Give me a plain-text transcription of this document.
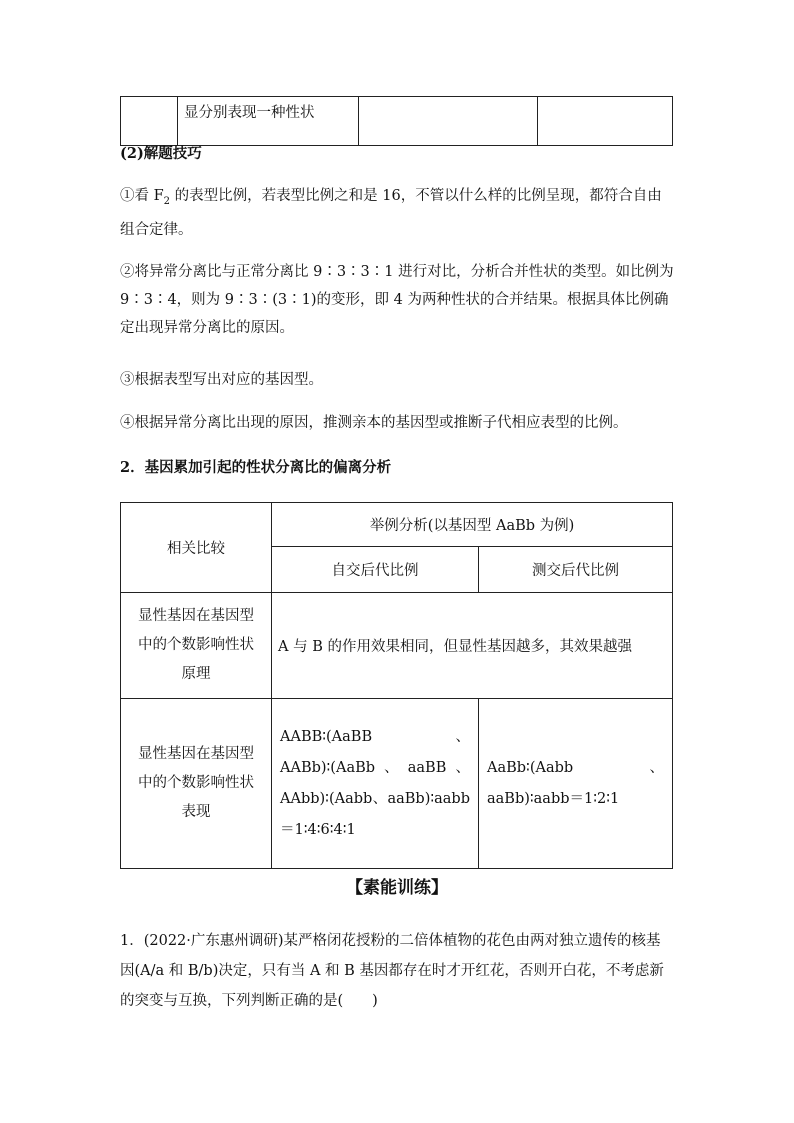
	显分别表现一种性状		
(2)解题技巧
①看 $F_2$ 的表型比例，若表型比例之和是 16，不管以什么样的比例呈现，都符合自由组合定律。
②将异常分离比与正常分离比 9∶3∶3∶1 进行对比，分析合并性状的类型。如比例为 9∶3∶4，则为 9∶3∶(3∶1)的变形，即 4 为两种性状的合并结果。根据具体比例确定出现异常分离比的原因。
③根据表型写出对应的基因型。
④根据异常分离比出现的原因，推测亲本的基因型或推断子代相应表型的比例。
2．基因累加引起的性状分离比的偏离分析
相关比较	举例分析(以基因型 AaBb 为例)	
	自交后代比例	测交后代比例

显性基因在基因型
中的个数影响性状
原理	A 与 B 的作用效果相同，但显性基因越多，其效果越强	

显性基因在基因型
中的个数影响性状
表现	AABB∶(AaBB、AABb)∶(AaBb、aaBB、AAbb)∶(Aabb、aaBb)∶aabb＝1∶4∶6∶4∶1	AaBb∶(Aabb、aaBb)∶aabb＝1∶2∶1
【素能训练】
1．(2022·广东惠州调研)某严格闭花授粉的二倍体植物的花色由两对独立遗传的核基因(A/a 和 B/b)决定，只有当 A 和 B 基因都存在时才开红花，否则开白花，不考虑新的突变与互换，下列判断正确的是(　　)
